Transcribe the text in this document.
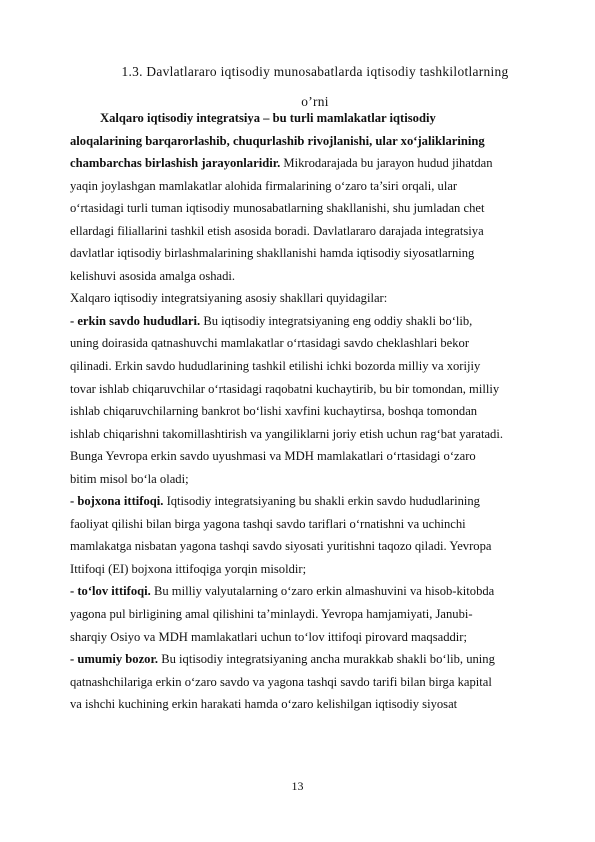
1.3. Davlatlararo iqtisodiy munosabatlarda iqtisodiy tashkilotlarning
o’rni
Xalqaro iqtisodiy integratsiya – bu turli mamlakatlar iqtisodiy
aloqalarining barqarorlashib, chuqurlashib rivojlanishi, ular xo‘jaliklarining
chambarchas birlashish jarayonlaridir. Mikrodarajada bu jarayon hudud jihatdan
yaqin joylashgan mamlakatlar alohida firmalarining o‘zaro ta’siri orqali, ular
o‘rtasidagi turli tuman iqtisodiy munosabatlarning shakllanishi, shu jumladan chet
ellardagi filiallarini tashkil etish asosida boradi. Davlatlararo darajada integratsiya
davlatlar iqtisodiy birlashmalarining shakllanishi hamda iqtisodiy siyosatlarning
kelishuvi asosida amalga oshadi.
Xalqaro iqtisodiy integratsiyaning asosiy shakllari quyidagilar:
- erkin savdo hududlari. Bu iqtisodiy integratsiyaning eng oddiy shakli bo‘lib,
uning doirasida qatnashuvchi mamlakatlar o‘rtasidagi savdo cheklashlari bekor
qilinadi. Erkin savdo hududlarining tashkil etilishi ichki bozorda milliy va xorijiy
tovar ishlab chiqaruvchilar o‘rtasidagi raqobatni kuchaytirib, bu bir tomondan, milliy
ishlab chiqaruvchilarning bankrot bo‘lishi xavfini kuchaytirsa, boshqa tomondan
ishlab chiqarishni takomillashtirish va yangiliklarni joriy etish uchun rag‘bat yaratadi.
Bunga Yevropa erkin savdo uyushmasi va MDH mamlakatlari o‘rtasidagi o‘zaro
bitim misol bo‘la oladi;
- bojxona ittifoqi. Iqtisodiy integratsiyaning bu shakli erkin savdo hududlarining
faoliyat qilishi bilan birga yagona tashqi savdo tariflari o‘rnatishni va uchinchi
mamlakatga nisbatan yagona tashqi savdo siyosati yuritishni taqozo qiladi. Yevropa
Ittifoqi (EI) bojxona ittifoqiga yorqin misoldir;
- to‘lov ittifoqi. Bu milliy valyutalarning o‘zaro erkin almashuvini va hisob-kitobda
yagona pul birligining amal qilishini ta’minlaydi. Yevropa hamjamiyati, Janubi-
sharqiy Osiyo va MDH mamlakatlari uchun to‘lov ittifoqi pirovard maqsaddir;
- umumiy bozor. Bu iqtisodiy integratsiyaning ancha murakkab shakli bo‘lib, uning
qatnashchilariga erkin o‘zaro savdo va yagona tashqi savdo tarifi bilan birga kapital
va ishchi kuchining erkin harakati hamda o‘zaro kelishilgan iqtisodiy siyosat
13
